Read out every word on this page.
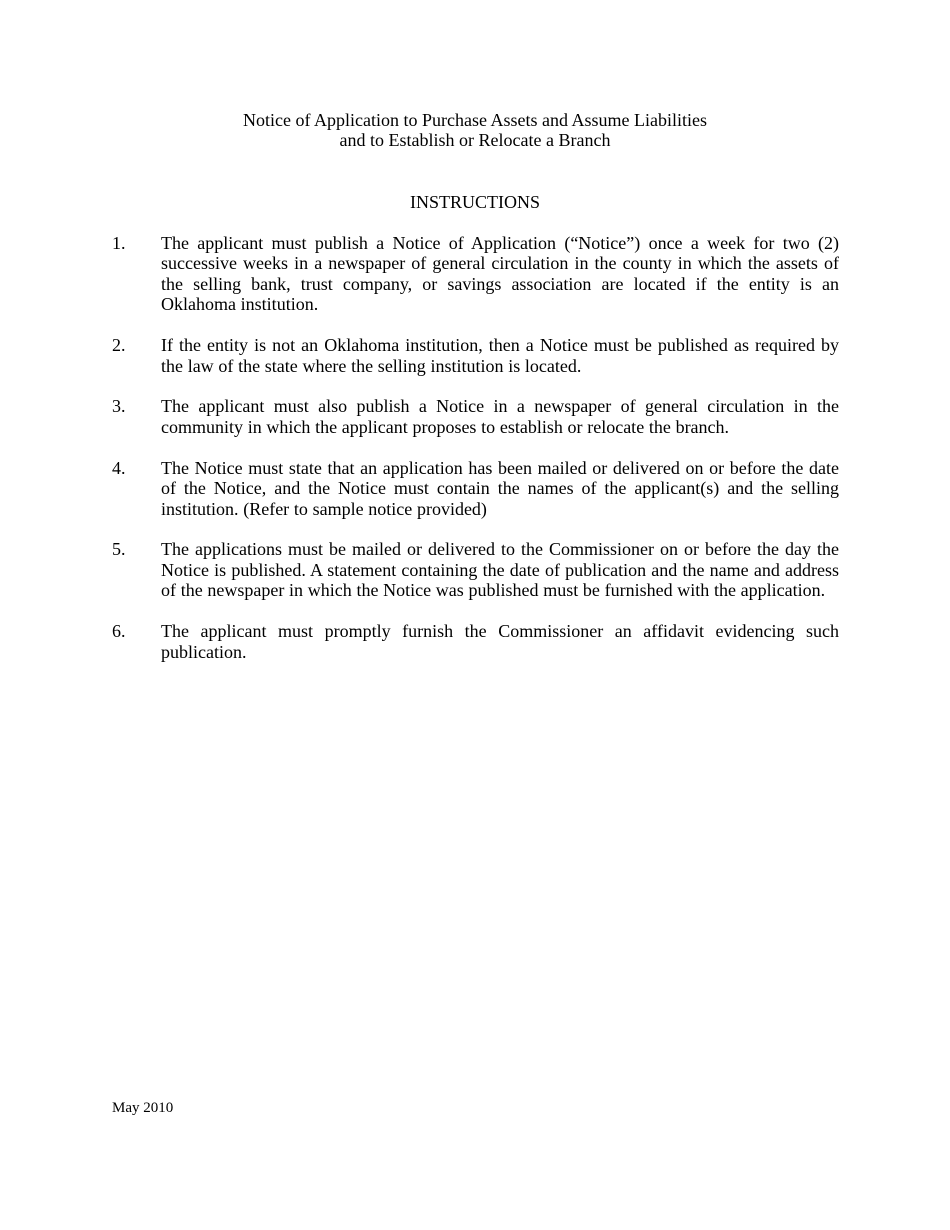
Notice of Application to Purchase Assets and Assume Liabilities
and to Establish or Relocate a Branch
INSTRUCTIONS
1. The applicant must publish a Notice of Application (“Notice”) once a week for two (2) successive weeks in a newspaper of general circulation in the county in which the assets of the selling bank, trust company, or savings association are located if the entity is an Oklahoma institution.
2. If the entity is not an Oklahoma institution, then a Notice must be published as required by the law of the state where the selling institution is located.
3. The applicant must also publish a Notice in a newspaper of general circulation in the community in which the applicant proposes to establish or relocate the branch.
4. The Notice must state that an application has been mailed or delivered on or before the date of the Notice, and the Notice must contain the names of the applicant(s) and the selling institution. (Refer to sample notice provided)
5. The applications must be mailed or delivered to the Commissioner on or before the day the Notice is published. A statement containing the date of publication and the name and address of the newspaper in which the Notice was published must be furnished with the application.
6. The applicant must promptly furnish the Commissioner an affidavit evidencing such publication.
May 2010
